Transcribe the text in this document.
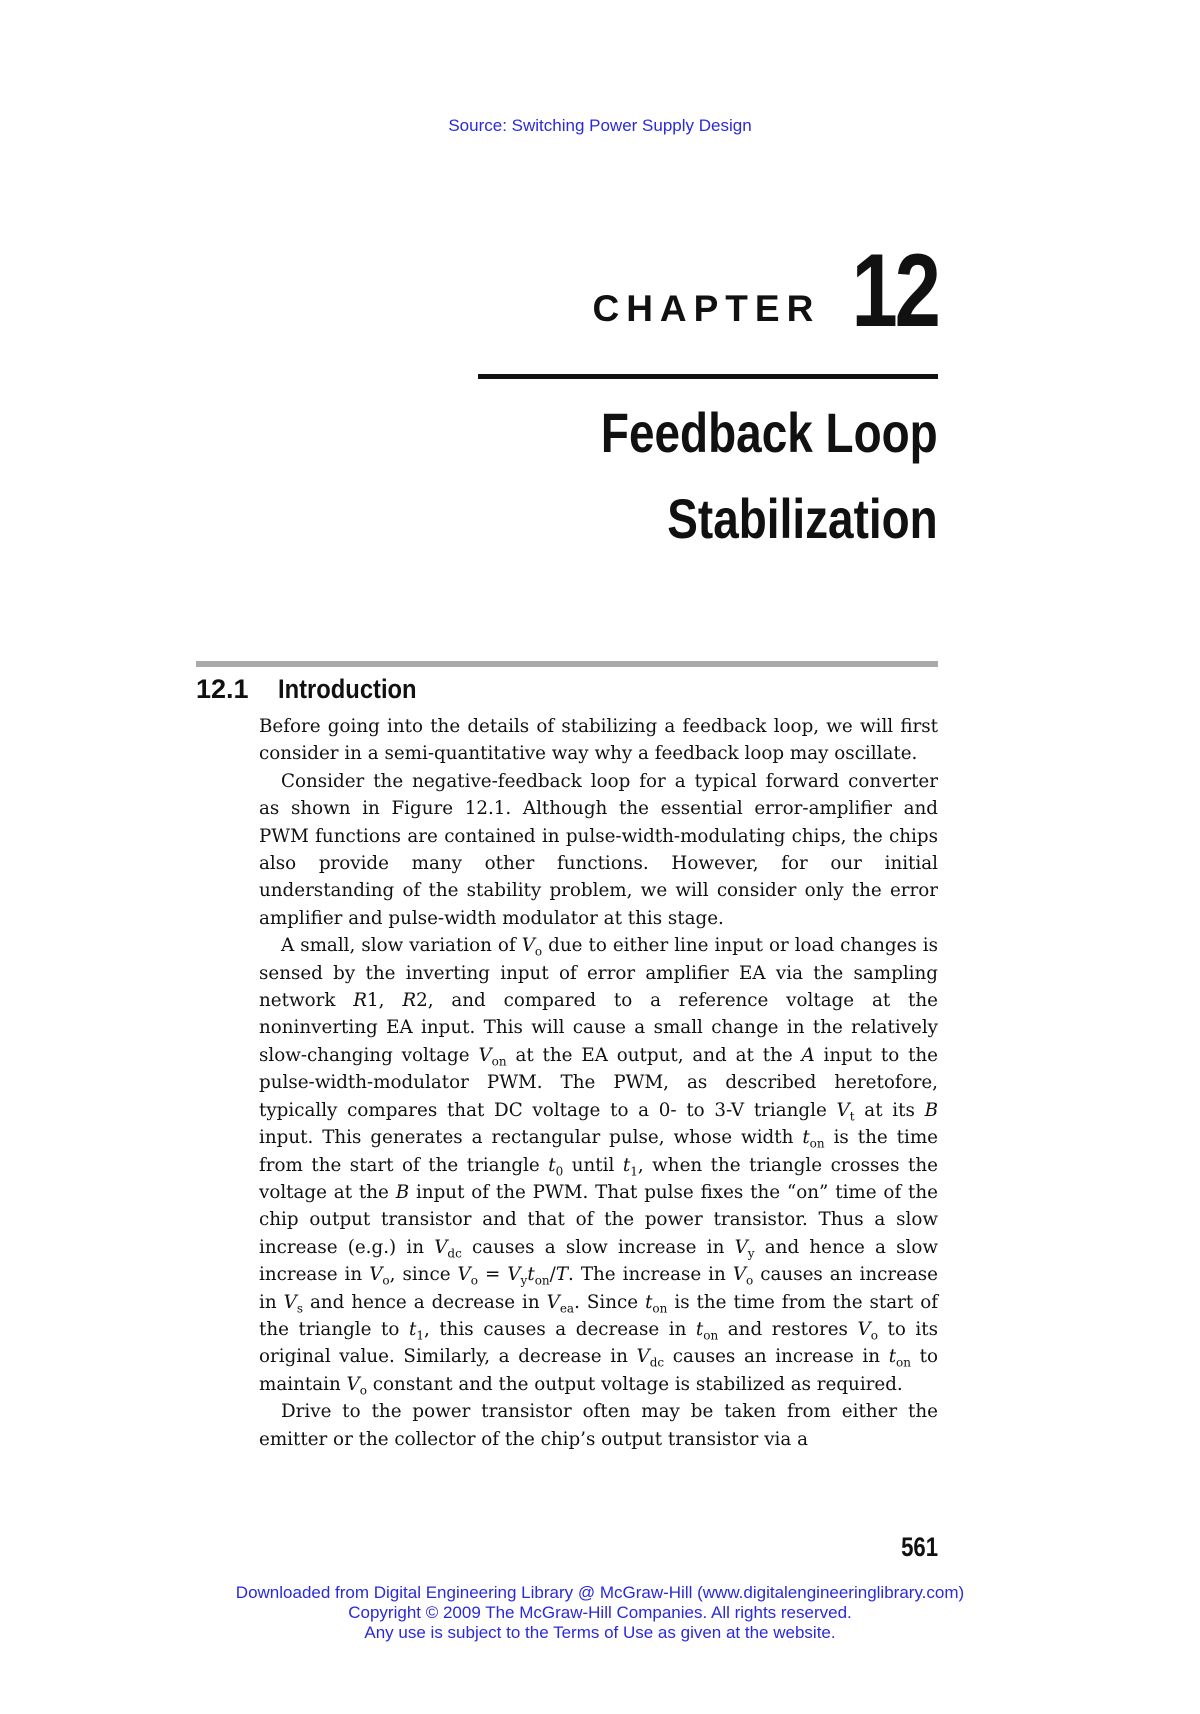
Source: Switching Power Supply Design
CHAPTER 12
Feedback Loop
Stabilization
12.1 Introduction

Before going into the details of stabilizing a feedback loop, we will first consider in a semi-quantitative way why a feedback loop may oscillate.

Consider the negative-feedback loop for a typical forward converter as shown in Figure 12.1. Although the essential error-amplifier and PWM functions are contained in pulse-width-modulating chips, the chips also provide many other functions. However, for our initial understanding of the stability problem, we will consider only the error amplifier and pulse-width modulator at this stage.

A small, slow variation of $V_o$ due to either line input or load changes is sensed by the inverting input of error amplifier EA via the sampling network R1, R2, and compared to a reference voltage at the noninverting EA input. This will cause a small change in the relatively slow-changing voltage $V_{on}$ at the EA output, and at the A input to the pulse-width-modulator PWM. The PWM, as described heretofore, typically compares that DC voltage to a 0- to 3-V triangle $V_t$ at its B input. This generates a rectangular pulse, whose width $t_{on}$ is the time from the start of the triangle $t_0$ until $t_1$, when the triangle crosses the voltage at the B input of the PWM. That pulse fixes the “on” time of the chip output transistor and that of the power transistor. Thus a slow increase (e.g.) in $V_{dc}$ causes a slow increase in $V_y$ and hence a slow increase in $V_o$, since $V_o = V_yt_{on}/T$. The increase in $V_o$ causes an increase in $V_s$ and hence a decrease in $V_{ea}$. Since $t_{on}$ is the time from the start of the triangle to $t_1$, this causes a decrease in $t_{on}$ and restores $V_o$ to its original value. Similarly, a decrease in $V_{dc}$ causes an increase in $t_{on}$ to maintain $V_o$ constant and the output voltage is stabilized as required.

Drive to the power transistor often may be taken from either the emitter or the collector of the chip’s output transistor via a

561
Downloaded from Digital Engineering Library @ McGraw-Hill (www.digitalengineeringlibrary.com)
Copyright © 2009 The McGraw-Hill Companies. All rights reserved.
Any use is subject to the Terms of Use as given at the website.
